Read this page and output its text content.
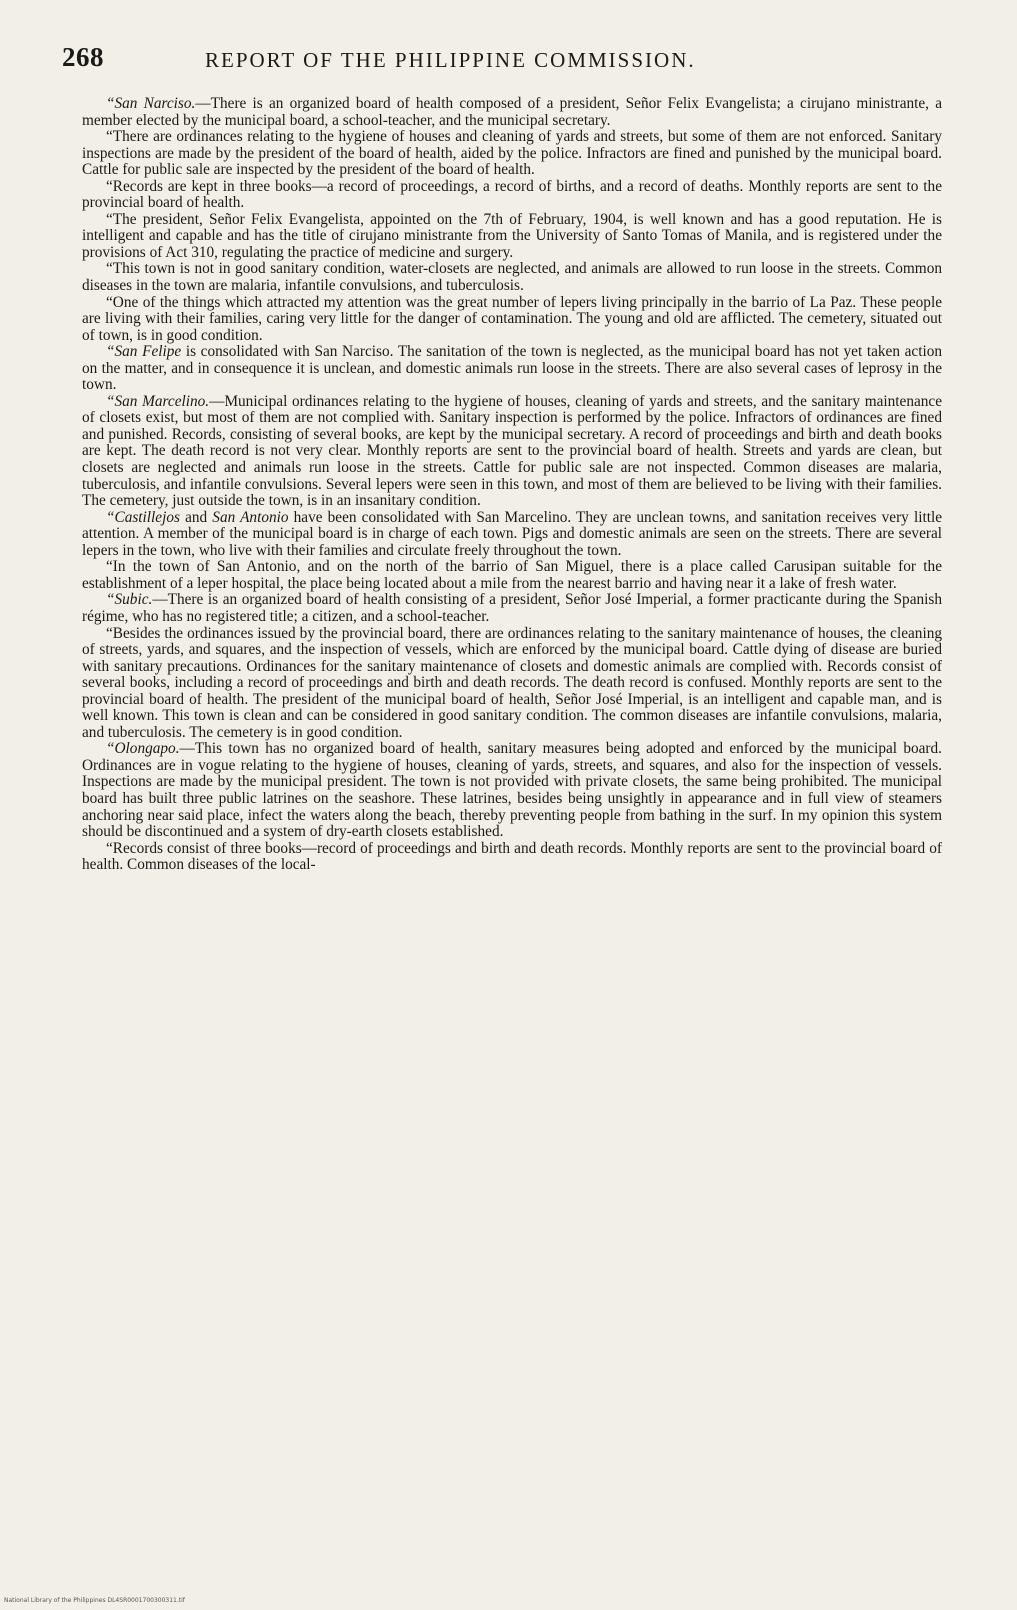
268	REPORT OF THE PHILIPPINE COMMISSION.

“San Narciso.—There is an organized board of health composed of a president, Señor Felix Evangelista; a cirujano ministrante, a member elected by the municipal board, a school-teacher, and the municipal secretary.

“There are ordinances relating to the hygiene of houses and cleaning of yards and streets, but some of them are not enforced. Sanitary inspections are made by the president of the board of health, aided by the police. Infractors are fined and punished by the municipal board. Cattle for public sale are inspected by the president of the board of health.

“Records are kept in three books—a record of proceedings, a record of births, and a record of deaths. Monthly reports are sent to the provincial board of health.

“The president, Señor Felix Evangelista, appointed on the 7th of February, 1904, is well known and has a good reputation. He is intelligent and capable and has the title of cirujano ministrante from the University of Santo Tomas of Manila, and is registered under the provisions of Act 310, regulating the practice of medicine and surgery.

“This town is not in good sanitary condition, water-closets are neglected, and animals are allowed to run loose in the streets. Common diseases in the town are malaria, infantile convulsions, and tuberculosis.

“One of the things which attracted my attention was the great number of lepers living principally in the barrio of La Paz. These people are living with their families, caring very little for the danger of contamination. The young and old are afflicted. The cemetery, situated out of town, is in good condition.

“San Felipe is consolidated with San Narciso. The sanitation of the town is neglected, as the municipal board has not yet taken action on the matter, and in consequence it is unclean, and domestic animals run loose in the streets. There are also several cases of leprosy in the town.

“San Marcelino.—Municipal ordinances relating to the hygiene of houses, cleaning of yards and streets, and the sanitary maintenance of closets exist, but most of them are not complied with. Sanitary inspection is performed by the police. Infractors of ordinances are fined and punished. Records, consisting of several books, are kept by the municipal secretary. A record of proceedings and birth and death books are kept. The death record is not very clear. Monthly reports are sent to the provincial board of health. Streets and yards are clean, but closets are neglected and animals run loose in the streets. Cattle for public sale are not inspected. Common diseases are malaria, tuberculosis, and infantile convulsions. Several lepers were seen in this town, and most of them are believed to be living with their families. The cemetery, just outside the town, is in an insanitary condition.

“Castillejos and San Antonio have been consolidated with San Marcelino. They are unclean towns, and sanitation receives very little attention. A member of the municipal board is in charge of each town. Pigs and domestic animals are seen on the streets. There are several lepers in the town, who live with their families and circulate freely throughout the town.

“In the town of San Antonio, and on the north of the barrio of San Miguel, there is a place called Carusipan suitable for the establishment of a leper hospital, the place being located about a mile from the nearest barrio and having near it a lake of fresh water.

“Subic.—There is an organized board of health consisting of a president, Señor José Imperial, a former practicante during the Spanish régime, who has no registered title; a citizen, and a school-teacher.

“Besides the ordinances issued by the provincial board, there are ordinances relating to the sanitary maintenance of houses, the cleaning of streets, yards, and squares, and the inspection of vessels, which are enforced by the municipal board. Cattle dying of disease are buried with sanitary precautions. Ordinances for the sanitary maintenance of closets and domestic animals are complied with. Records consist of several books, including a record of proceedings and birth and death records. The death record is confused. Monthly reports are sent to the provincial board of health. The president of the municipal board of health, Señor José Imperial, is an intelligent and capable man, and is well known. This town is clean and can be considered in good sanitary condition. The common diseases are infantile convulsions, malaria, and tuberculosis. The cemetery is in good condition.

“Olongapo.—This town has no organized board of health, sanitary measures being adopted and enforced by the municipal board. Ordinances are in vogue relating to the hygiene of houses, cleaning of yards, streets, and squares, and also for the inspection of vessels. Inspections are made by the municipal president. The town is not provided with private closets, the same being prohibited. The municipal board has built three public latrines on the seashore. These latrines, besides being unsightly in appearance and in full view of steamers anchoring near said place, infect the waters along the beach, thereby preventing people from bathing in the surf. In my opinion this system should be discontinued and a system of dry-earth closets established.

“Records consist of three books—record of proceedings and birth and death records. Monthly reports are sent to the provincial board of health. Common diseases of the local-

National Library of the Philippines DL4SR0001700300311.tif
